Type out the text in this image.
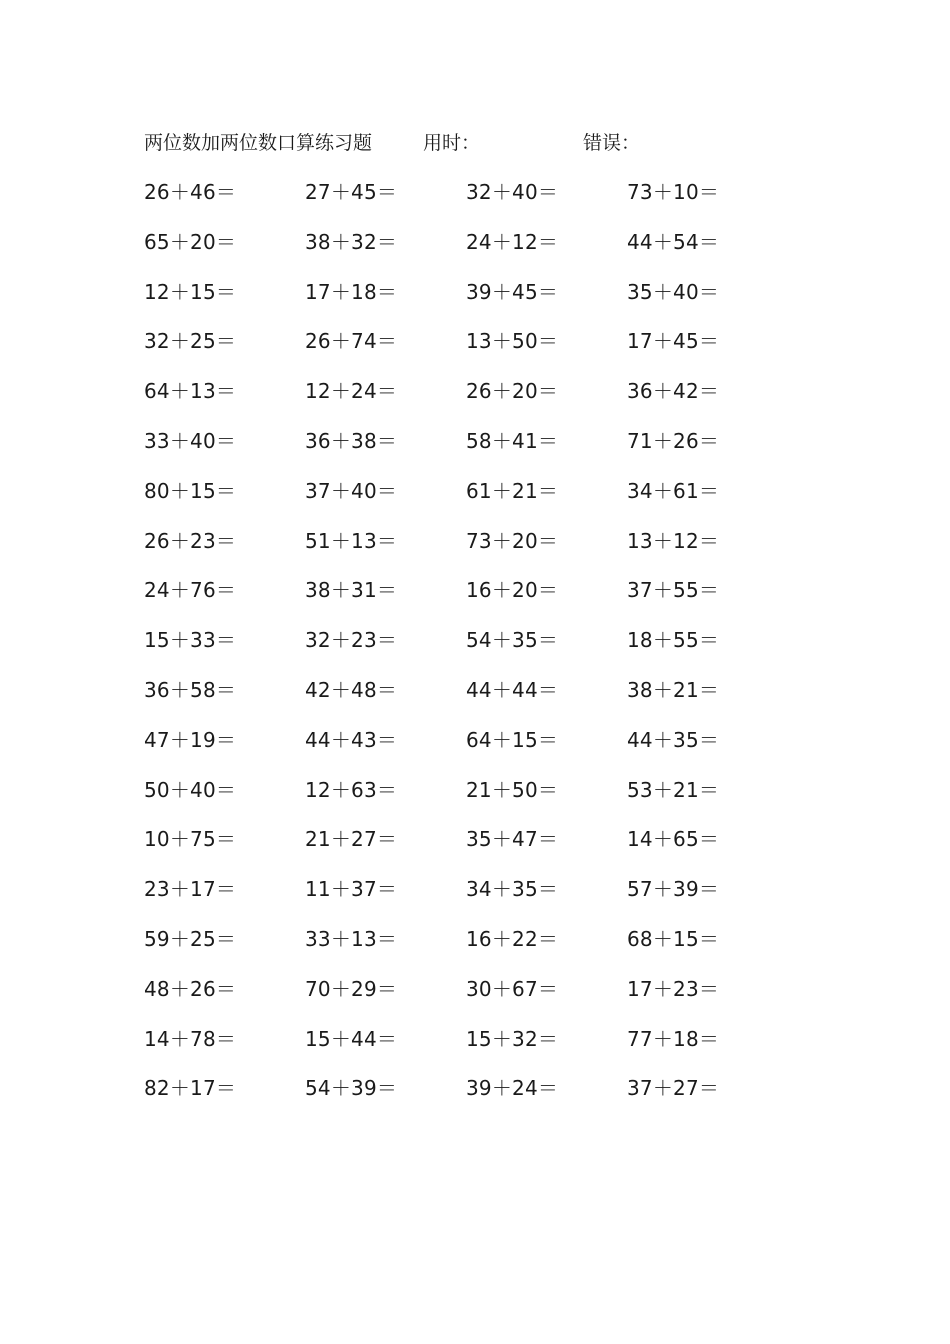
两位数加两位数口算练习题	用时：	错误：
26＋46＝	27＋45＝	32＋40＝	73＋10＝
65＋20＝	38＋32＝	24＋12＝	44＋54＝
12＋15＝	17＋18＝	39＋45＝	35＋40＝
32＋25＝	26＋74＝	13＋50＝	17＋45＝
64＋13＝	12＋24＝	26＋20＝	36＋42＝
33＋40＝	36＋38＝	58＋41＝	71＋26＝
80＋15＝	37＋40＝	61＋21＝	34＋61＝
26＋23＝	51＋13＝	73＋20＝	13＋12＝
24＋76＝	38＋31＝	16＋20＝	37＋55＝
15＋33＝	32＋23＝	54＋35＝	18＋55＝
36＋58＝	42＋48＝	44＋44＝	38＋21＝
47＋19＝	44＋43＝	64＋15＝	44＋35＝
50＋40＝	12＋63＝	21＋50＝	53＋21＝
10＋75＝	21＋27＝	35＋47＝	14＋65＝
23＋17＝	11＋37＝	34＋35＝	57＋39＝
59＋25＝	33＋13＝	16＋22＝	68＋15＝
48＋26＝	70＋29＝	30＋67＝	17＋23＝
14＋78＝	15＋44＝	15＋32＝	77＋18＝
82＋17＝	54＋39＝	39＋24＝	37＋27＝
